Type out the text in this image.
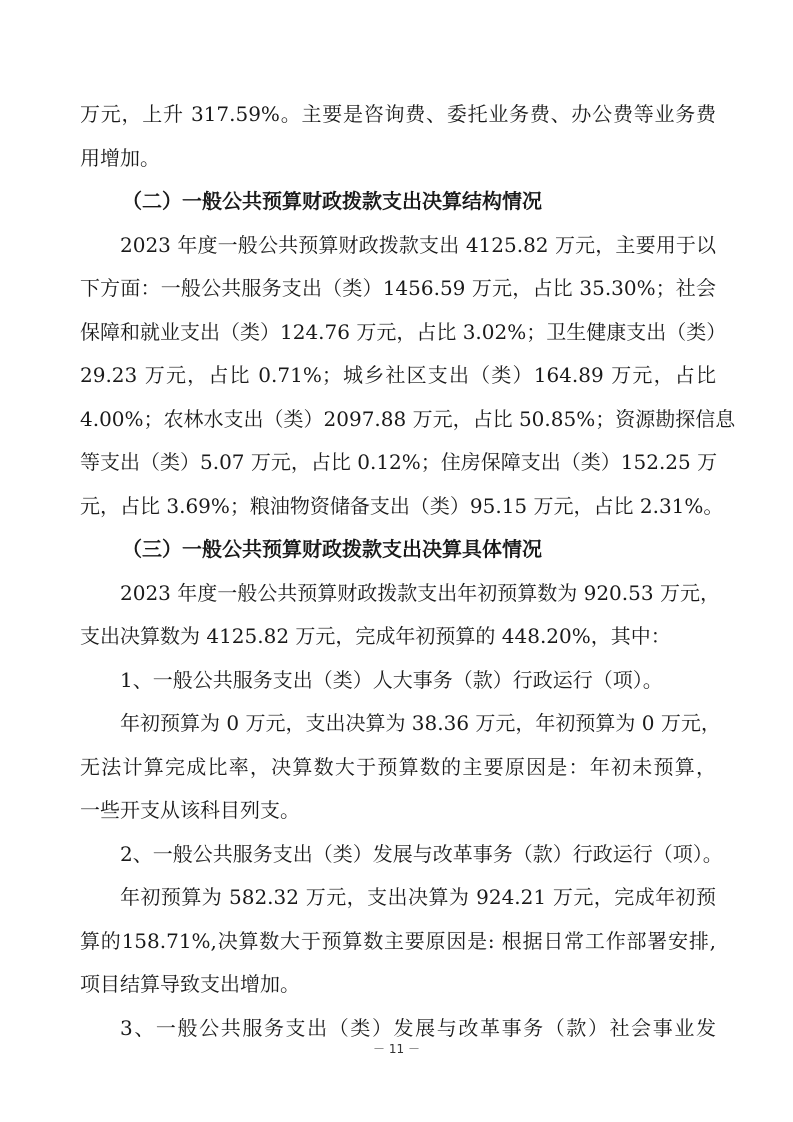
万元，上升 317.59%。主要是咨询费、委托业务费、办公费等业务费
用增加。
（二）一般公共预算财政拨款支出决算结构情况
2023 年度一般公共预算财政拨款支出 4125.82 万元，主要用于以
下方面：一般公共服务支出（类）1456.59 万元，占比 35.30%；社会
保障和就业支出（类）124.76 万元，占比 3.02%；卫生健康支出（类）
29.23 万元，占比 0.71%；城乡社区支出（类）164.89 万元，占比
4.00%；农林水支出（类）2097.88 万元，占比 50.85%；资源勘探信息
等支出（类）5.07 万元，占比 0.12%；住房保障支出（类）152.25 万
元，占比 3.69%；粮油物资储备支出（类）95.15 万元，占比 2.31%。
（三）一般公共预算财政拨款支出决算具体情况
2023 年度一般公共预算财政拨款支出年初预算数为 920.53 万元，
支出决算数为 4125.82 万元，完成年初预算的 448.20%，其中：
1、一般公共服务支出（类）人大事务（款）行政运行（项）。
年初预算为 0 万元，支出决算为 38.36 万元，年初预算为 0 万元，
无法计算完成比率，决算数大于预算数的主要原因是：年初未预算，
一些开支从该科目列支。
2、一般公共服务支出（类）发展与改革事务（款）行政运行（项）。
年初预算为 582.32 万元，支出决算为 924.21 万元，完成年初预
算的158.71%,决算数大于预算数主要原因是: 根据日常工作部署安排,
项目结算导致支出增加。
3、一般公共服务支出（类）发展与改革事务（款）社会事业发
－ 11 －
